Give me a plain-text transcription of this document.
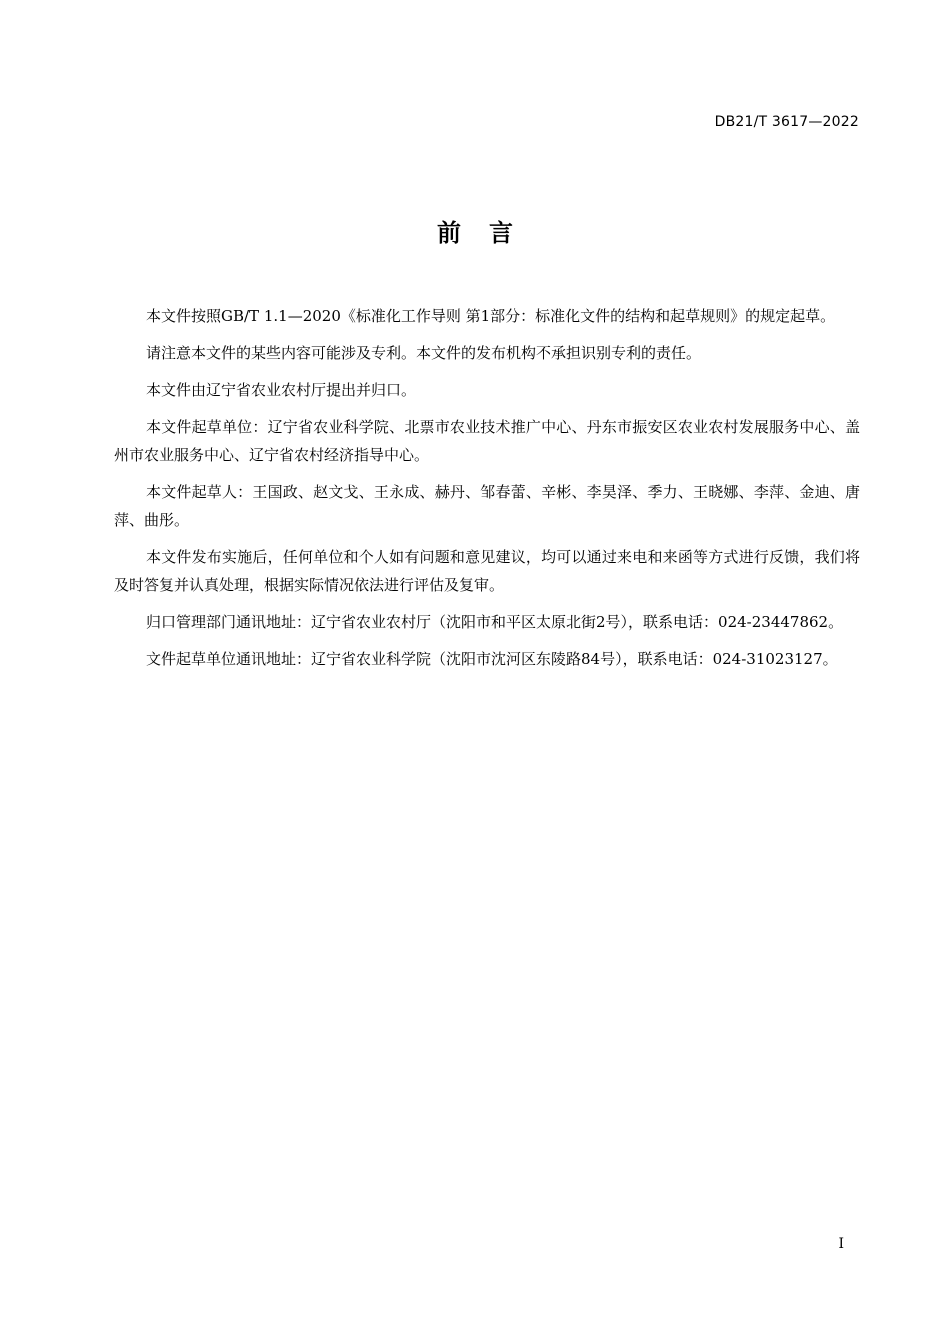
DB21/T 3617—2022
前言

本文件按照GB/T 1.1—2020《标准化工作导则 第1部分：标准化文件的结构和起草规则》的规定起草。

请注意本文件的某些内容可能涉及专利。本文件的发布机构不承担识别专利的责任。

本文件由辽宁省农业农村厅提出并归口。

本文件起草单位：辽宁省农业科学院、北票市农业技术推广中心、丹东市振安区农业农村发展服务中心、盖州市农业服务中心、辽宁省农村经济指导中心。

本文件起草人：王国政、赵文戈、王永成、赫丹、邹春蕾、辛彬、李昊泽、季力、王晓娜、李萍、金迪、唐萍、曲彤。

本文件发布实施后，任何单位和个人如有问题和意见建议，均可以通过来电和来函等方式进行反馈，我们将及时答复并认真处理，根据实际情况依法进行评估及复审。

归口管理部门通讯地址：辽宁省农业农村厅（沈阳市和平区太原北街2号），联系电话：024-23447862。

文件起草单位通讯地址：辽宁省农业科学院（沈阳市沈河区东陵路84号），联系电话：024-31023127。

I
